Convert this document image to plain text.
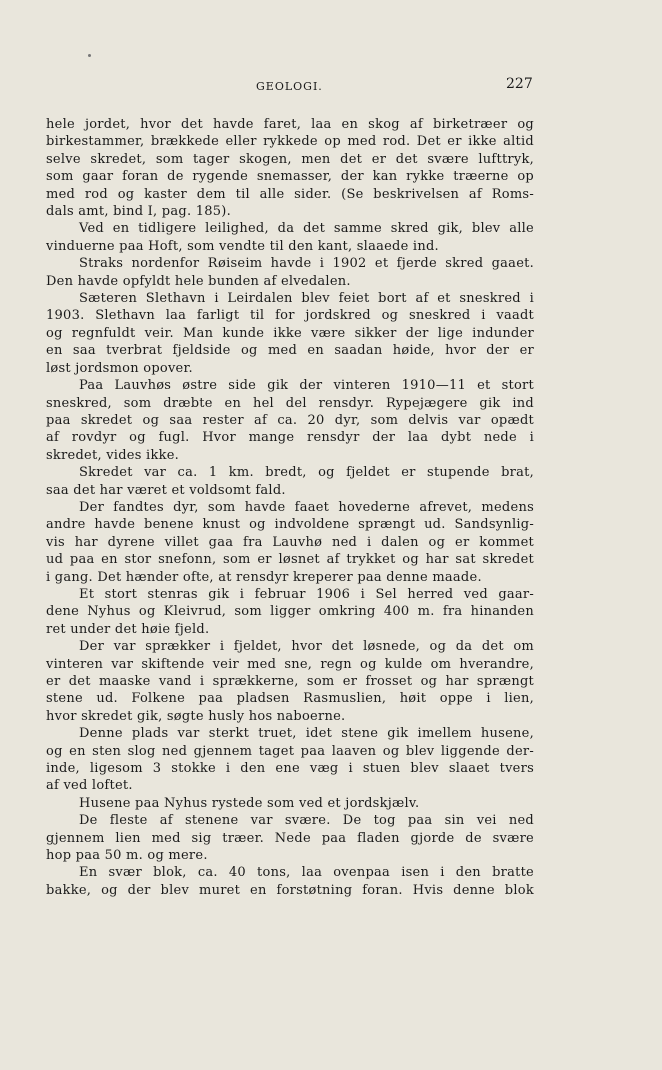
GEOLOGI.	227

hele jordet, hvor det havde faret, laa en skog af birketræer og

birkestammer, brækkede eller rykkede op med rod. Det er ikke altid

selve skredet, som tager skogen, men det er det svære lufttryk,

som gaar foran de rygende snemasser, der kan rykke træerne op

med rod og kaster dem til alle sider. (Se beskrivelsen af Roms-

dals amt, bind I, pag. 185).

Ved en tidligere leilighed, da det samme skred gik, blev alle

vinduerne paa Hoft, som vendte til den kant, slaaede ind.

Straks nordenfor Røiseim havde i 1902 et fjerde skred gaaet.

Den havde opfyldt hele bunden af elvedalen.

Sæteren Slethavn i Leirdalen blev feiet bort af et sneskred i

1903. Slethavn laa farligt til for jordskred og sneskred i vaadt

og regnfuldt veir. Man kunde ikke være sikker der lige indunder

en saa tverbrat fjeldside og med en saadan høide, hvor der er

løst jordsmon opover.

Paa Lauvhøs østre side gik der vinteren 1910—11 et stort

sneskred, som dræbte en hel del rensdyr. Rypejægere gik ind

paa skredet og saa rester af ca. 20 dyr, som delvis var opædt

af rovdyr og fugl. Hvor mange rensdyr der laa dybt nede i

skredet, vides ikke.

Skredet var ca. 1 km. bredt, og fjeldet er stupende brat,

saa det har været et voldsomt fald.

Der fandtes dyr, som havde faaet hovederne afrevet, medens

andre havde benene knust og indvoldene sprængt ud. Sandsynlig-

vis har dyrene villet gaa fra Lauvhø ned i dalen og er kommet

ud paa en stor snefonn, som er løsnet af trykket og har sat skredet

i gang. Det hænder ofte, at rensdyr kreperer paa denne maade.

Et stort stenras gik i februar 1906 i Sel herred ved gaar-

dene Nyhus og Kleivrud, som ligger omkring 400 m. fra hinanden

ret under det høie fjeld.

Der var sprækker i fjeldet, hvor det løsnede, og da det om

vinteren var skiftende veir med sne, regn og kulde om hverandre,

er det maaske vand i sprækkerne, som er frosset og har sprængt

stene ud. Folkene paa pladsen Rasmuslien, høit oppe i lien,

hvor skredet gik, søgte husly hos naboerne.

Denne plads var sterkt truet, idet stene gik imellem husene,

og en sten slog ned gjennem taget paa laaven og blev liggende der-

inde, ligesom 3 stokke i den ene væg i stuen blev slaaet tvers

af ved loftet.

Husene paa Nyhus rystede som ved et jordskjælv.

De fleste af stenene var svære. De tog paa sin vei ned

gjennem lien med sig træer. Nede paa fladen gjorde de svære

hop paa 50 m. og mere.

En svær blok, ca. 40 tons, laa ovenpaa isen i den bratte

bakke, og der blev muret en forstøtning foran. Hvis denne blok
